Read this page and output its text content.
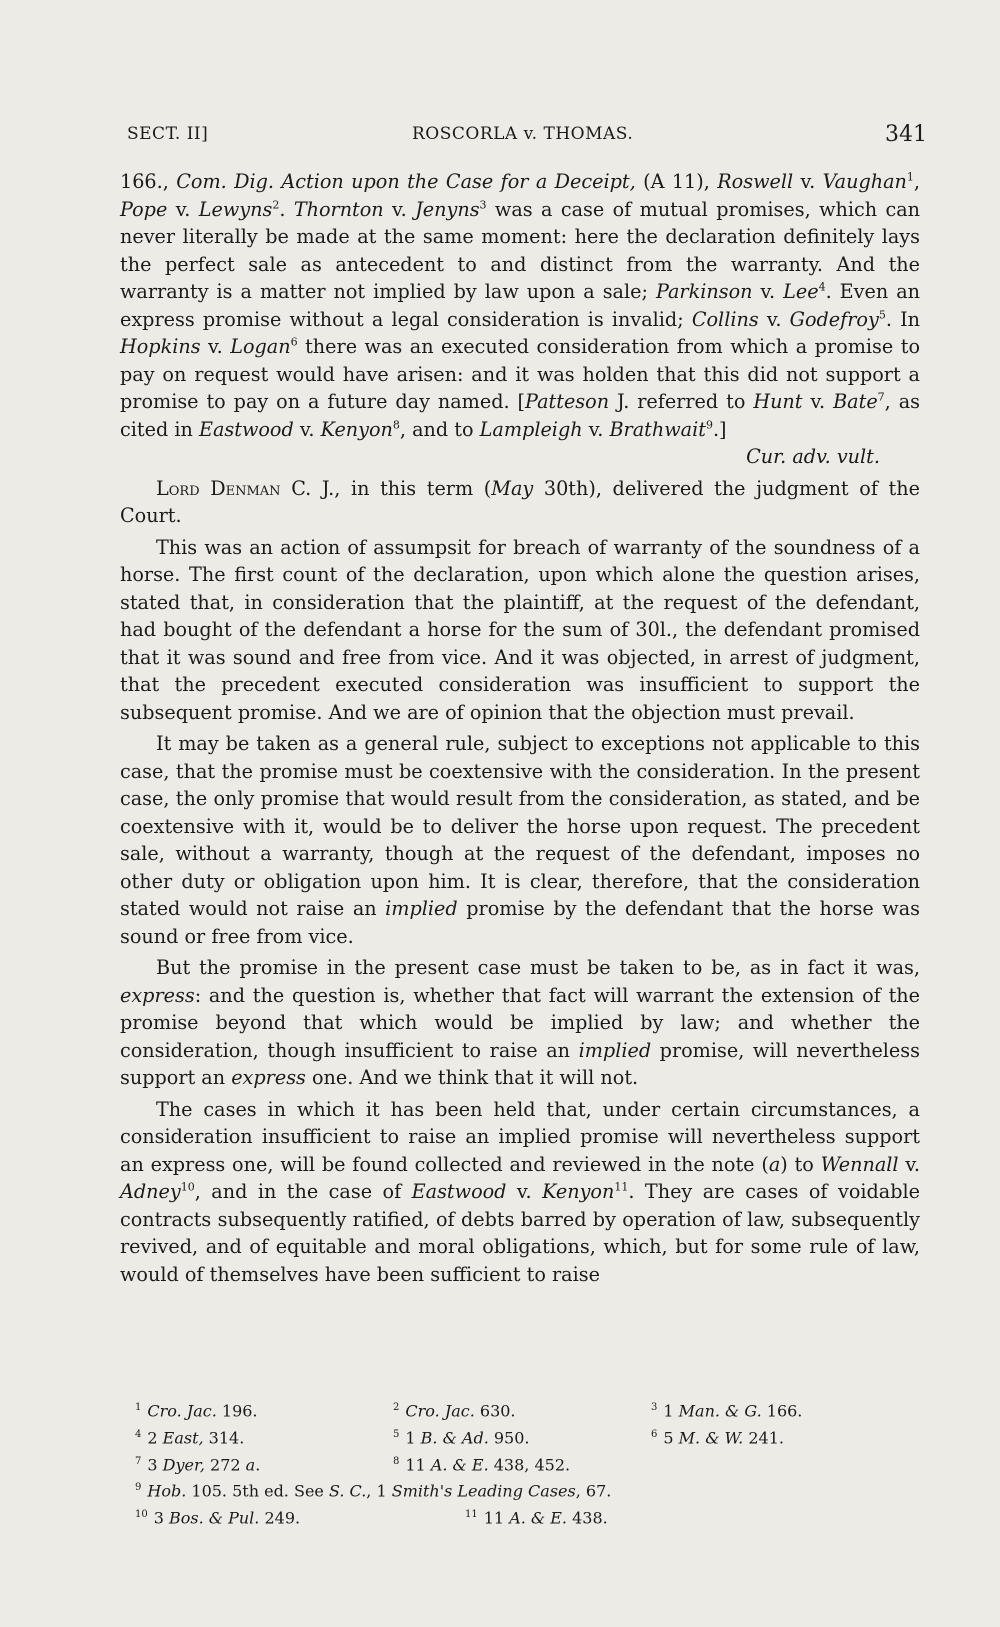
SECT. II]	ROSCORLA v. THOMAS.	341

166., Com. Dig. Action upon the Case for a Deceipt, (A 11), Roswell v. Vaughan$^1$, Pope v. Lewyns$^2$. Thornton v. Jenyns$^3$ was a case of mutual promises, which can never literally be made at the same moment: here the declaration definitely lays the perfect sale as antecedent to and distinct from the warranty. And the warranty is a matter not implied by law upon a sale; Parkinson v. Lee$^4$. Even an express promise without a legal consideration is invalid; Collins v. Godefroy$^5$. In Hopkins v. Logan$^6$ there was an executed consideration from which a promise to pay on request would have arisen: and it was holden that this did not support a promise to pay on a future day named. [Patteson J. referred to Hunt v. Bate$^7$, as cited in Eastwood v. Kenyon$^8$, and to Lampleigh v. Brathwait$^9$.]

Cur. adv. vult.

Lord Denman C. J., in this term (May 30th), delivered the judgment of the Court.

This was an action of assumpsit for breach of warranty of the soundness of a horse. The first count of the declaration, upon which alone the question arises, stated that, in consideration that the plaintiff, at the request of the defendant, had bought of the defendant a horse for the sum of 30l., the defendant promised that it was sound and free from vice. And it was objected, in arrest of judgment, that the precedent executed consideration was insufficient to support the subsequent promise. And we are of opinion that the objection must prevail.

It may be taken as a general rule, subject to exceptions not applicable to this case, that the promise must be coextensive with the consideration. In the present case, the only promise that would result from the consideration, as stated, and be coextensive with it, would be to deliver the horse upon request. The precedent sale, without a warranty, though at the request of the defendant, imposes no other duty or obligation upon him. It is clear, therefore, that the consideration stated would not raise an implied promise by the defendant that the horse was sound or free from vice.

But the promise in the present case must be taken to be, as in fact it was, express: and the question is, whether that fact will warrant the extension of the promise beyond that which would be implied by law; and whether the consideration, though insufficient to raise an implied promise, will nevertheless support an express one. And we think that it will not.

The cases in which it has been held that, under certain circumstances, a consideration insufficient to raise an implied promise will nevertheless support an express one, will be found collected and reviewed in the note (a) to Wennall v. Adney$^{10}$, and in the case of Eastwood v. Kenyon$^{11}$. They are cases of voidable contracts subsequently ratified, of debts barred by operation of law, subsequently revived, and of equitable and moral obligations, which, but for some rule of law, would of themselves have been sufficient to raise

$^1$ Cro. Jac. 196.	$^2$ Cro. Jac. 630.	$^3$ 1 Man. & G. 166.
$^4$ 2 East, 314.	$^5$ 1 B. & Ad. 950.	$^6$ 5 M. & W. 241.
$^7$ 3 Dyer, 272 a.	$^8$ 11 A. & E. 438, 452.
$^9$ Hob. 105. 5th ed. See S. C., 1 Smith's Leading Cases, 67.
$^{10}$ 3 Bos. & Pul. 249.	$^{11}$ 11 A. & E. 438.
